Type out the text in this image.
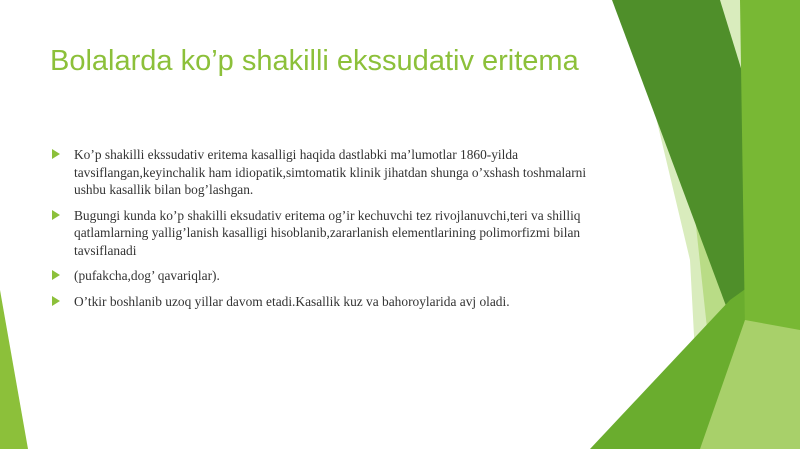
Bolalarda ko’p shakilli ekssudativ eritema
Ko’p shakilli ekssudativ eritema kasalligi haqida dastlabki ma’lumotlar 1860-yilda tavsiflangan,keyinchalik ham idiopatik,simtomatik klinik jihatdan shunga o’xshash toshmalarni ushbu kasallik bilan bog’lashgan.
Bugungi kunda ko’p shakilli eksudativ eritema og’ir kechuvchi tez rivojlanuvchi,teri va shilliq qatlamlarning yallig’lanish kasalligi hisoblanib,zararlanish elementlarining polimorfizmi bilan tavsiflanadi
(pufakcha,dog’ qavariqlar).
O’tkir boshlanib uzoq yillar davom etadi.Kasallik kuz va bahoroylarida avj oladi.
